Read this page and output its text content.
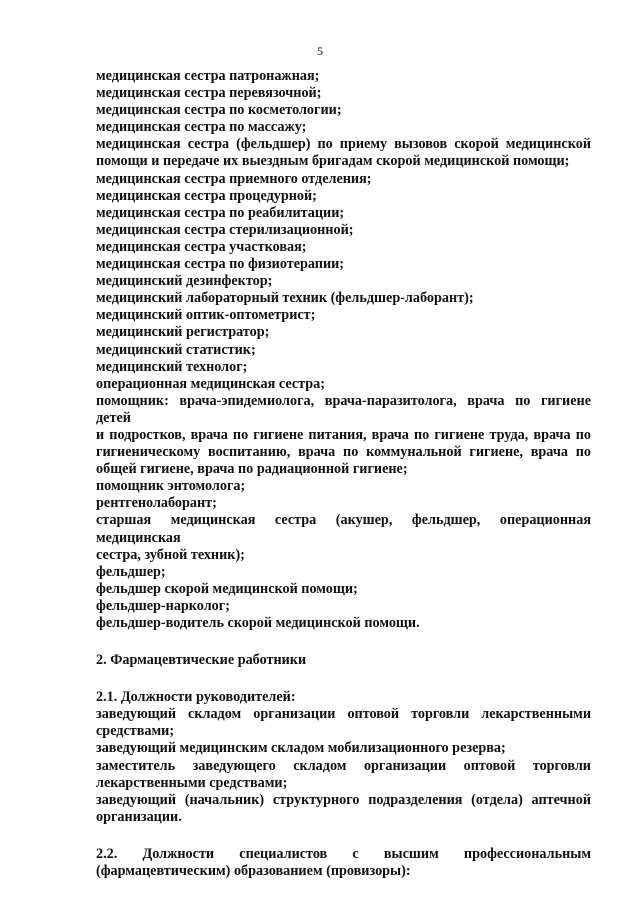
5
медицинская сестра патронажная;
медицинская сестра перевязочной;
медицинская сестра по косметологии;
медицинская сестра по массажу;
медицинская сестра (фельдшер) по приему вызовов скорой медицинской
помощи и передаче их выездным бригадам скорой медицинской помощи;
медицинская сестра приемного отделения;
медицинская сестра процедурной;
медицинская сестра по реабилитации;
медицинская сестра стерилизационной;
медицинская сестра участковая;
медицинская сестра по физиотерапии;
медицинский дезинфектор;
медицинский лабораторный техник (фельдшер-лаборант);
медицинский оптик-оптометрист;
медицинский регистратор;
медицинский статистик;
медицинский технолог;
операционная медицинская сестра;
помощник: врача-эпидемиолога, врача-паразитолога, врача по гигиене детей
и подростков, врача по гигиене питания, врача по гигиене труда, врача по
гигиеническому воспитанию, врача по коммунальной гигиене, врача по
общей гигиене, врача по радиационной гигиене;
помощник энтомолога;
рентгенолаборант;
старшая медицинская сестра (акушер, фельдшер, операционная медицинская
сестра, зубной техник);
фельдшер;
фельдшер скорой медицинской помощи;
фельдшер-нарколог;
фельдшер-водитель скорой медицинской помощи.
2. Фармацевтические работники
2.1. Должности руководителей:
заведующий складом организации оптовой торговли лекарственными
средствами;
заведующий медицинским складом мобилизационного резерва;
заместитель заведующего складом организации оптовой торговли
лекарственными средствами;
заведующий (начальник) структурного подразделения (отдела) аптечной
организации.
2.2. Должности специалистов с высшим профессиональным
(фармацевтическим) образованием (провизоры):
